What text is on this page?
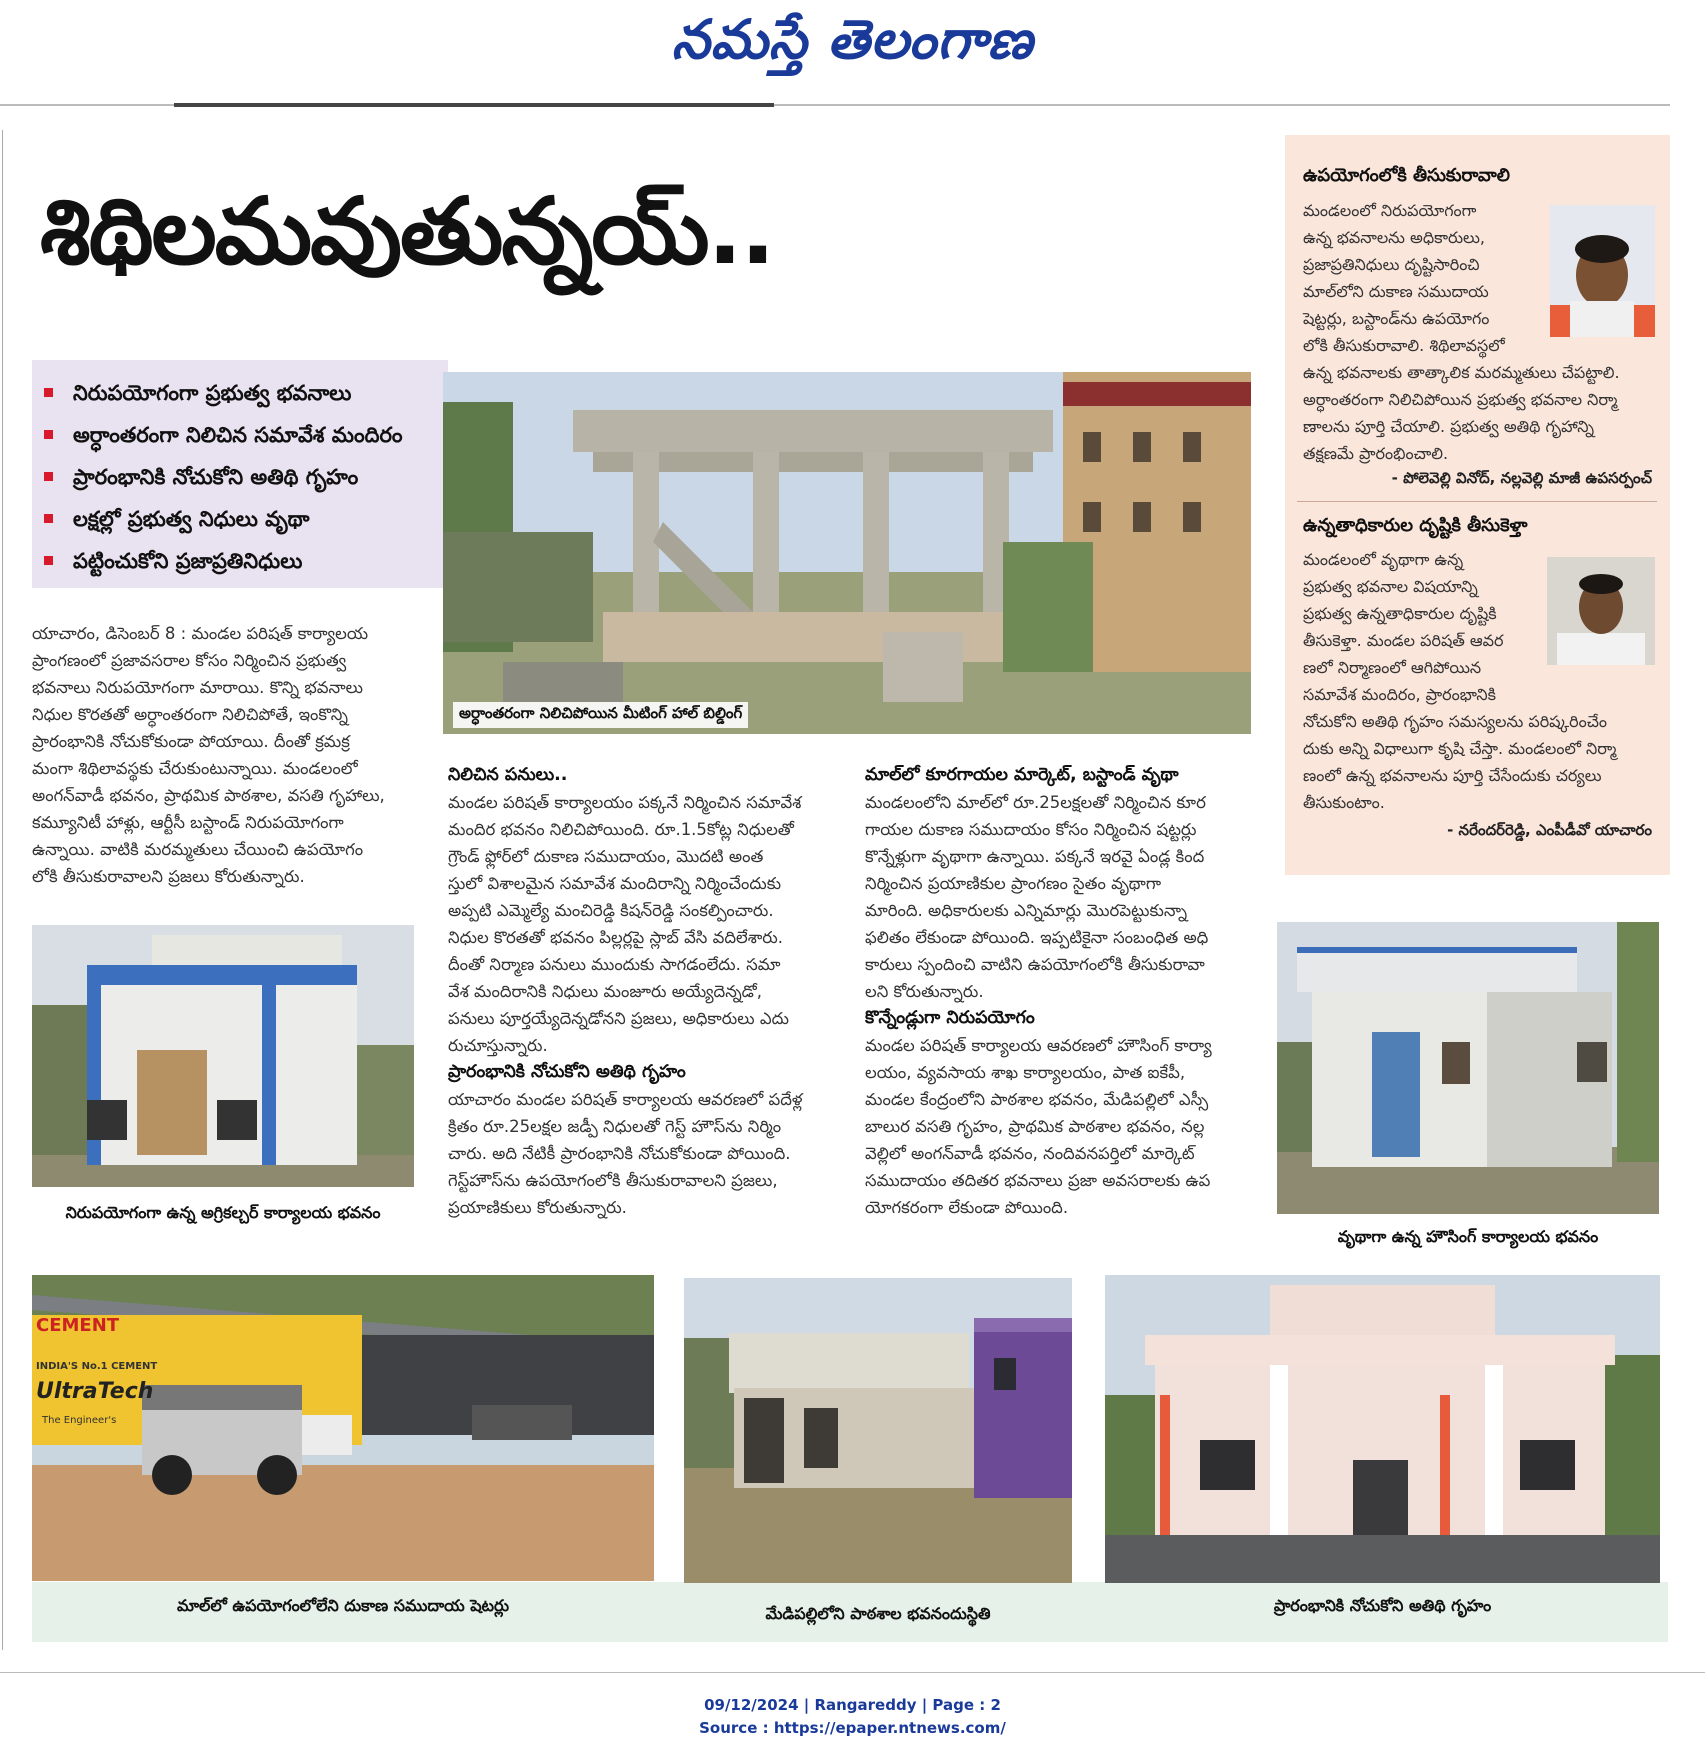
నమస్తే తెలంగాణ
శిథిలమవుతున్నయ్..
నిరుపయోగంగా ప్రభుత్వ భవనాలు
అర్ధాంతరంగా నిలిచిన సమావేశ మందిరం
ప్రారంభానికి నోచుకోని అతిథి గృహం
లక్షల్లో ప్రభుత్వ నిధులు వృథా
పట్టించుకోని ప్రజాప్రతినిధులు
అర్ధాంతరంగా నిలిచిపోయిన మీటింగ్ హాల్ బిల్డింగ్
ఉపయోగంలోకి తీసుకురావాలి
మండలంలో నిరుపయోగంగా
ఉన్న భవనాలను అధికారులు,
ప్రజాప్రతినిధులు దృష్టిసారించి
మాల్‌లోని దుకాణ సముదాయ
షెట్టర్లు, బస్టాండ్‌ను ఉపయోగం
లోకి తీసుకురావాలి. శిథిలావస్థలో
ఉన్న భవనాలకు తాత్కాలిక మరమ్మతులు చేపట్టాలి.
అర్ధాంతరంగా నిలిచిపోయిన ప్రభుత్వ భవనాల నిర్మా
ణాలను పూర్తి చేయాలి. ప్రభుత్వ అతిథి గృహాన్ని
తక్షణమే ప్రారంభించాలి.
- పోలెవెల్లి వినోద్, నల్లవెల్లి మాజీ ఉపసర్పంచ్
ఉన్నతాధికారుల దృష్టికి తీసుకెళ్తా
మండలంలో వృథాగా ఉన్న
ప్రభుత్వ భవనాల విషయాన్ని
ప్రభుత్వ ఉన్నతాధికారుల దృష్టికి
తీసుకెళ్తా. మండల పరిషత్ ఆవర
ణలో నిర్మాణంలో ఆగిపోయిన
సమావేశ మందిరం, ప్రారంభానికి
నోచుకోని అతిథి గృహం సమస్యలను పరిష్కరించేం
దుకు అన్ని విధాలుగా కృషి చేస్తా. మండలంలో నిర్మా
ణంలో ఉన్న భవనాలను పూర్తి చేసేందుకు చర్యలు
తీసుకుంటాం.
- నరేందర్‌రెడ్డి, ఎంపీడీవో యాచారం
యాచారం, డిసెంబర్ 8 : మండల పరిషత్ కార్యాలయ
ప్రాంగణంలో ప్రజావసరాల కోసం నిర్మించిన ప్రభుత్వ
భవనాలు నిరుపయోగంగా మారాయి. కొన్ని భవనాలు
నిధుల కొరతతో అర్ధాంతరంగా నిలిచిపోతే, ఇంకొన్ని
ప్రారంభానికి నోచుకోకుండా పోయాయి. దీంతో క్రమక్ర
మంగా శిథిలావస్థకు చేరుకుంటున్నాయి. మండలంలో
అంగన్‌వాడీ భవనం, ప్రాథమిక పాఠశాల, వసతి గృహాలు,
కమ్యూనిటీ హాళ్లు, ఆర్టీసీ బస్టాండ్ నిరుపయోగంగా
ఉన్నాయి. వాటికి మరమ్మతులు చేయించి ఉపయోగం
లోకి తీసుకురావాలని ప్రజలు కోరుతున్నారు.
నిలిచిన పనులు..
మండల పరిషత్ కార్యాలయం పక్కనే నిర్మించిన సమావేశ
మందిర భవనం నిలిచిపోయింది. రూ.1.5కోట్ల నిధులతో
గ్రౌండ్ ఫ్లోర్‌లో దుకాణ సముదాయం, మొదటి అంత
స్తులో విశాలమైన సమావేశ మందిరాన్ని నిర్మించేందుకు
అప్పటి ఎమ్మెల్యే మంచిరెడ్డి కిషన్‌రెడ్డి సంకల్పించారు.
నిధుల కొరతతో భవనం పిల్లర్లపై స్లాబ్ వేసి వదిలేశారు.
దీంతో నిర్మాణ పనులు ముందుకు సాగడంలేదు. సమా
వేశ మందిరానికి నిధులు మంజూరు అయ్యేదెన్నడో,
పనులు పూర్తయ్యేదెన్నడోనని ప్రజలు, అధికారులు ఎదు
రుచూస్తున్నారు.
ప్రారంభానికి నోచుకోని అతిథి గృహం
యాచారం మండల పరిషత్ కార్యాలయ ఆవరణలో పదేళ్ల
క్రితం రూ.25లక్షల జడ్పీ నిధులతో గెస్ట్ హౌస్‌ను నిర్మిం
చారు. అది నేటికీ ప్రారంభానికి నోచుకోకుండా పోయింది.
గెస్ట్‌హౌస్‌ను ఉపయోగంలోకి తీసుకురావాలని ప్రజలు,
ప్రయాణికులు కోరుతున్నారు.
మాల్‌లో కూరగాయల మార్కెట్, బస్టాండ్ వృథా
మండలంలోని మాల్‌లో రూ.25లక్షలతో నిర్మించిన కూర
గాయల దుకాణ సముదాయం కోసం నిర్మించిన షట్టర్లు
కొన్నేళ్లుగా వృథాగా ఉన్నాయి. పక్కనే ఇరవై ఏండ్ల కింద
నిర్మించిన ప్రయాణికుల ప్రాంగణం సైతం వృథాగా
మారింది. అధికారులకు ఎన్నిమార్లు మొరపెట్టుకున్నా
ఫలితం లేకుండా పోయింది. ఇప్పటికైనా సంబంధిత అధి
కారులు స్పందించి వాటిని ఉపయోగంలోకి తీసుకురావా
లని కోరుతున్నారు.
కొన్నేండ్లుగా నిరుపయోగం
మండల పరిషత్ కార్యాలయ ఆవరణలో హౌసింగ్ కార్యా
లయం, వ్యవసాయ శాఖ కార్యాలయం, పాత ఐకేపీ,
మండల కేంద్రంలోని పాఠశాల భవనం, మేడిపల్లిలో ఎస్సీ
బాలుర వసతి గృహం, ప్రాథమిక పాఠశాల భవనం, నల్ల
వెల్లిలో అంగన్‌వాడీ భవనం, నందివనపర్తిలో మార్కెట్
సముదాయం తదితర భవనాలు ప్రజా అవసరాలకు ఉప
యోగకరంగా లేకుండా పోయింది.
నిరుపయోగంగా ఉన్న అగ్రికల్చర్ కార్యాలయ భవనం
వృథాగా ఉన్న హౌసింగ్ కార్యాలయ భవనం
CEMENT
INDIA'S No.1 CEMENT
UltraTech
The Engineer's
మాల్‌లో ఉపయోగంలోలేని దుకాణ సముదాయ షెటర్లు	మేడిపల్లిలోని పాఠశాల భవనందుస్థితి	ప్రారంభానికి నోచుకోని అతిథి గృహం
09/12/2024 | Rangareddy | Page : 2
Source : https://epaper.ntnews.com/
